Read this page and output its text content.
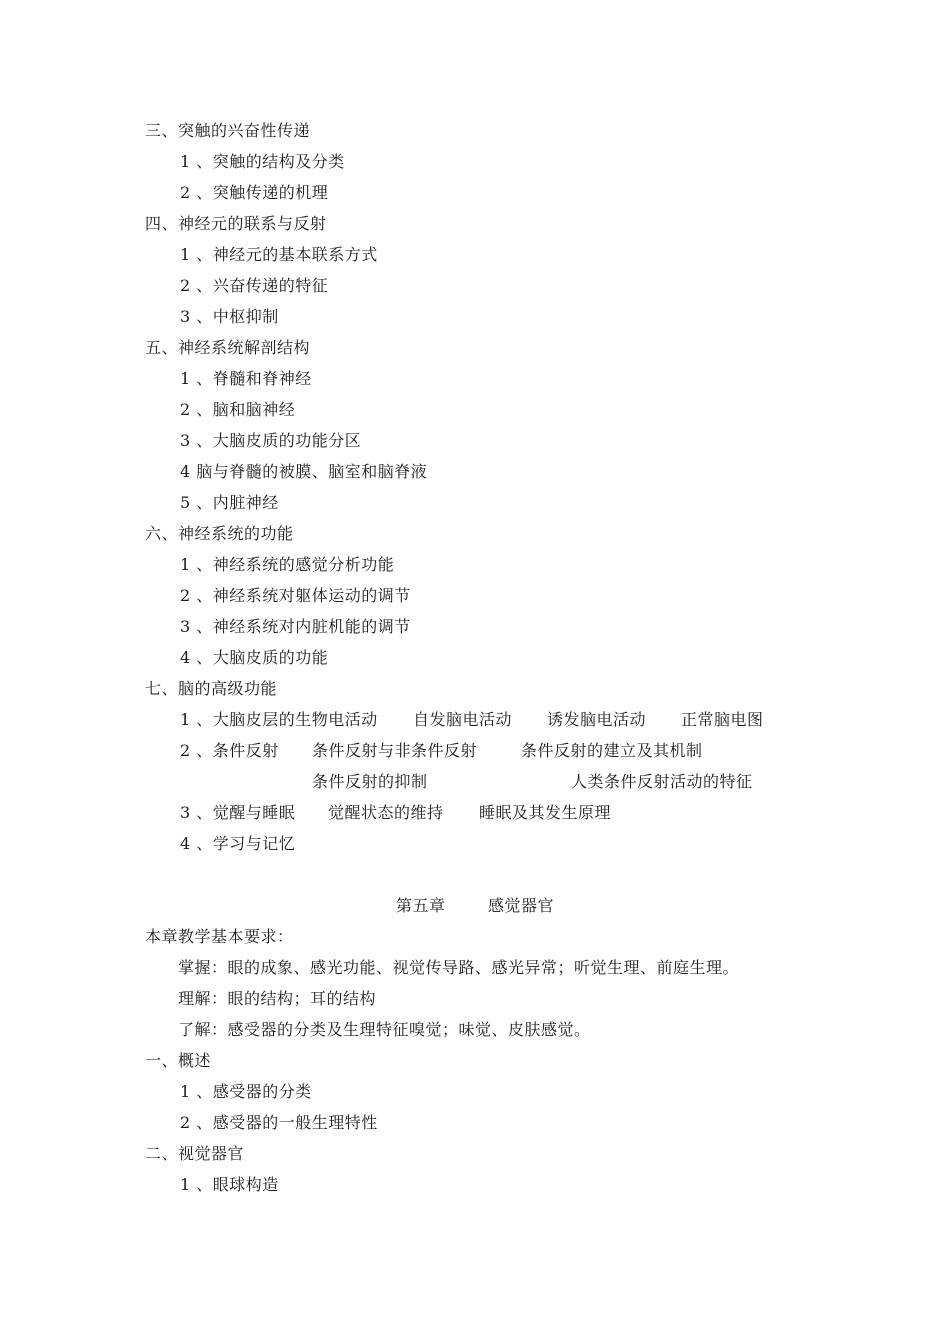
三、突触的兴奋性传递
1 、突触的结构及分类
2 、突触传递的机理
四、神经元的联系与反射
1 、神经元的基本联系方式
2 、兴奋传递的特征
3 、中枢抑制
五、神经系统解剖结构
1 、脊髓和脊神经
2 、脑和脑神经
3 、大脑皮质的功能分区
4 脑与脊髓的被膜、脑室和脑脊液
5 、内脏神经
六、神经系统的功能
1 、神经系统的感觉分析功能
2 、神经系统对躯体运动的调节
3 、神经系统对内脏机能的调节
4 、大脑皮质的功能
七、脑的高级功能
1 、大脑皮层的生物电活动 自发脑电活动 诱发脑电活动 正常脑电图
2 、条件反射 条件反射与非条件反射	条件反射的建立及其机制
条件反射的抑制	人类条件反射活动的特征
3 、觉醒与睡眠 觉醒状态的维持 睡眠及其发生原理
4 、学习与记忆
第五章	感觉器官
本章教学基本要求：
掌握：眼的成象、感光功能、视觉传导路、感光异常；听觉生理、前庭生理。
理解：眼的结构；耳的结构
了解：感受器的分类及生理特征嗅觉；味觉、皮肤感觉。
一、概述
1 、感受器的分类
2 、感受器的一般生理特性
二、视觉器官
1 、眼球构造
